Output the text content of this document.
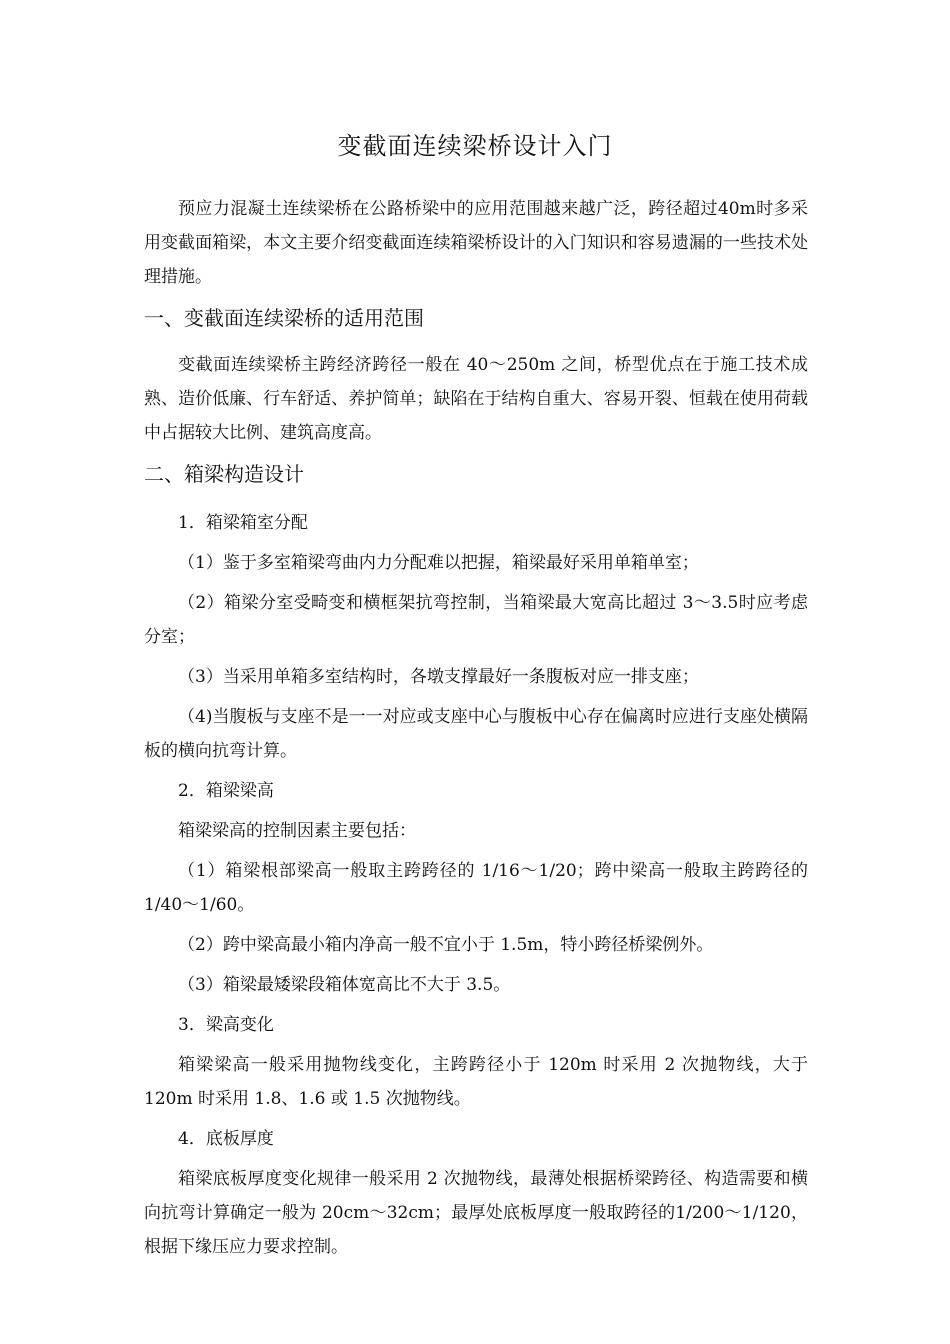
变截面连续梁桥设计入门

预应力混凝土连续梁桥在公路桥梁中的应用范围越来越广泛，跨径超过40m时多采用变截面箱梁，本文主要介绍变截面连续箱梁桥设计的入门知识和容易遗漏的一些技术处理措施。

一、变截面连续梁桥的适用范围

变截面连续梁桥主跨经济跨径一般在 40～250m 之间，桥型优点在于施工技术成熟、造价低廉、行车舒适、养护简单；缺陷在于结构自重大、容易开裂、恒载在使用荷载中占据较大比例、建筑高度高。

二、箱梁构造设计

1．箱梁箱室分配

（1）鉴于多室箱梁弯曲内力分配难以把握，箱梁最好采用单箱单室；

（2）箱梁分室受畸变和横框架抗弯控制，当箱梁最大宽高比超过 3～3.5时应考虑分室；

（3）当采用单箱多室结构时，各墩支撑最好一条腹板对应一排支座；

（4)当腹板与支座不是一一对应或支座中心与腹板中心存在偏离时应进行支座处横隔板的横向抗弯计算。

2．箱梁梁高

箱梁梁高的控制因素主要包括：

（1）箱梁根部梁高一般取主跨跨径的 1/16～1/20；跨中梁高一般取主跨跨径的 1/40～1/60。

（2）跨中梁高最小箱内净高一般不宜小于 1.5m，特小跨径桥梁例外。

（3）箱梁最矮梁段箱体宽高比不大于 3.5。

3．梁高变化

箱梁梁高一般采用抛物线变化，主跨跨径小于 120m 时采用 2 次抛物线，大于 120m 时采用 1.8、1.6 或 1.5 次抛物线。

4．底板厚度

箱梁底板厚度变化规律一般采用 2 次抛物线，最薄处根据桥梁跨径、构造需要和横向抗弯计算确定一般为 20cm～32cm；最厚处底板厚度一般取跨径的1/200～1/120，根据下缘压应力要求控制。
